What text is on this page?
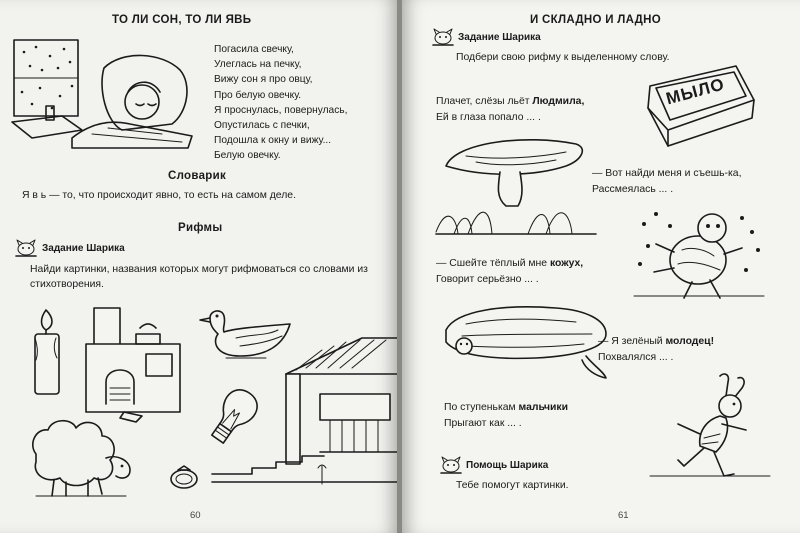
ТО ЛИ СОН, ТО ЛИ ЯВЬ
Погасила свечку,
Улеглась на печку,
Вижу сон я про овцу,
Про белую овечку.
Я проснулась, повернулась,
Опустилась с печки,
Подошла к окну и вижу...
Белую овечку.
Словарик
Я в ь — то, что происходит явно, то есть на самом деле.
Рифмы
Задание Шарика
Найди картинки, названия которых могут рифмоваться со словами из стихотворения.
60
И СКЛАДНО И ЛАДНО
Задание Шарика
Подбери свою рифму к выделенному слову.
МЫЛО
Плачет, слёзы льёт Людмила,
Ей в глаза попало ... .
— Вот найди меня и съешь-ка,
Рассмеялась ... .
— Сшейте тёплый мне кожух,
Говорит серьёзно ... .
— Я зелёный молодец!
Похвалялся ... .
По ступенькам мальчики
Прыгают как ... .
Помощь Шарика
Тебе помогут картинки.
61
